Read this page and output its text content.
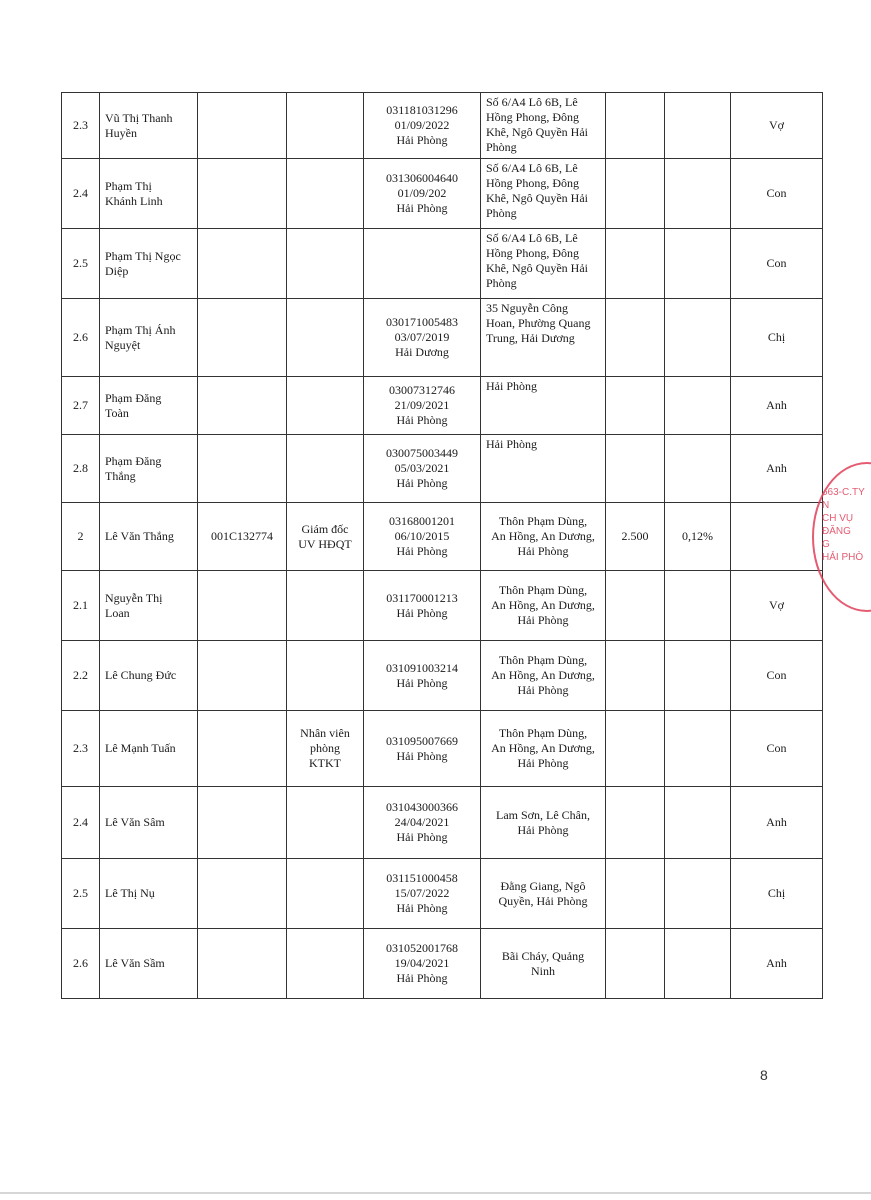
2.3	Vũ Thị Thanh
Huyền			031181031296
01/09/2022
Hải Phòng	Số 6/A4 Lô 6B, Lê
Hồng Phong, Đông
Khê, Ngô Quyền Hải
Phòng			Vợ
2.4	Phạm Thị
Khánh Linh			031306004640
01/09/202
Hải Phòng	Số 6/A4 Lô 6B, Lê
Hồng Phong, Đông
Khê, Ngô Quyền Hải
Phòng			Con
2.5	Phạm Thị Ngọc
Diệp				Số 6/A4 Lô 6B, Lê
Hồng Phong, Đông
Khê, Ngô Quyền Hải
Phòng			Con
2.6	Phạm Thị Ánh
Nguyệt			030171005483
03/07/2019
Hải Dương	35 Nguyễn Công
Hoan, Phường Quang
Trung, Hải Dương			Chị
2.7	Phạm Đăng
Toàn			03007312746
21/09/2021
Hải Phòng	Hải Phòng			Anh
2.8	Phạm Đăng
Thắng			030075003449
05/03/2021
Hải Phòng	Hải Phòng			Anh
2	Lê Văn Thắng	001C132774	Giám đốc
UV HĐQT	03168001201
06/10/2015
Hải Phòng	Thôn Phạm Dùng,
An Hồng, An Dương,
Hải Phòng	2.500	0,12%	
2.1	Nguyễn Thị
Loan			031170001213
Hải Phòng	Thôn Phạm Dùng,
An Hồng, An Dương,
Hải Phòng			Vợ
2.2	Lê Chung Đức			031091003214
Hải Phòng	Thôn Phạm Dùng,
An Hồng, An Dương,
Hải Phòng			Con
2.3	Lê Mạnh Tuấn		Nhân viên
phòng
KTKT	031095007669
Hải Phòng	Thôn Phạm Dùng,
An Hồng, An Dương,
Hải Phòng			Con
2.4	Lê Văn Sâm			031043000366
24/04/2021
Hải Phòng	Lam Sơn, Lê Chân,
Hải Phòng			Anh
2.5	Lê Thị Nụ			031151000458
15/07/2022
Hải Phòng	Đằng Giang, Ngô
Quyền, Hải Phòng			Chị
2.6	Lê Văn Sầm			031052001768
19/04/2021
Hải Phòng	Bãi Cháy, Quảng
Ninh			Anh
563-C.TY
N
CH VỤ
ĐĂNG
G
HẢI PHÒ
8
